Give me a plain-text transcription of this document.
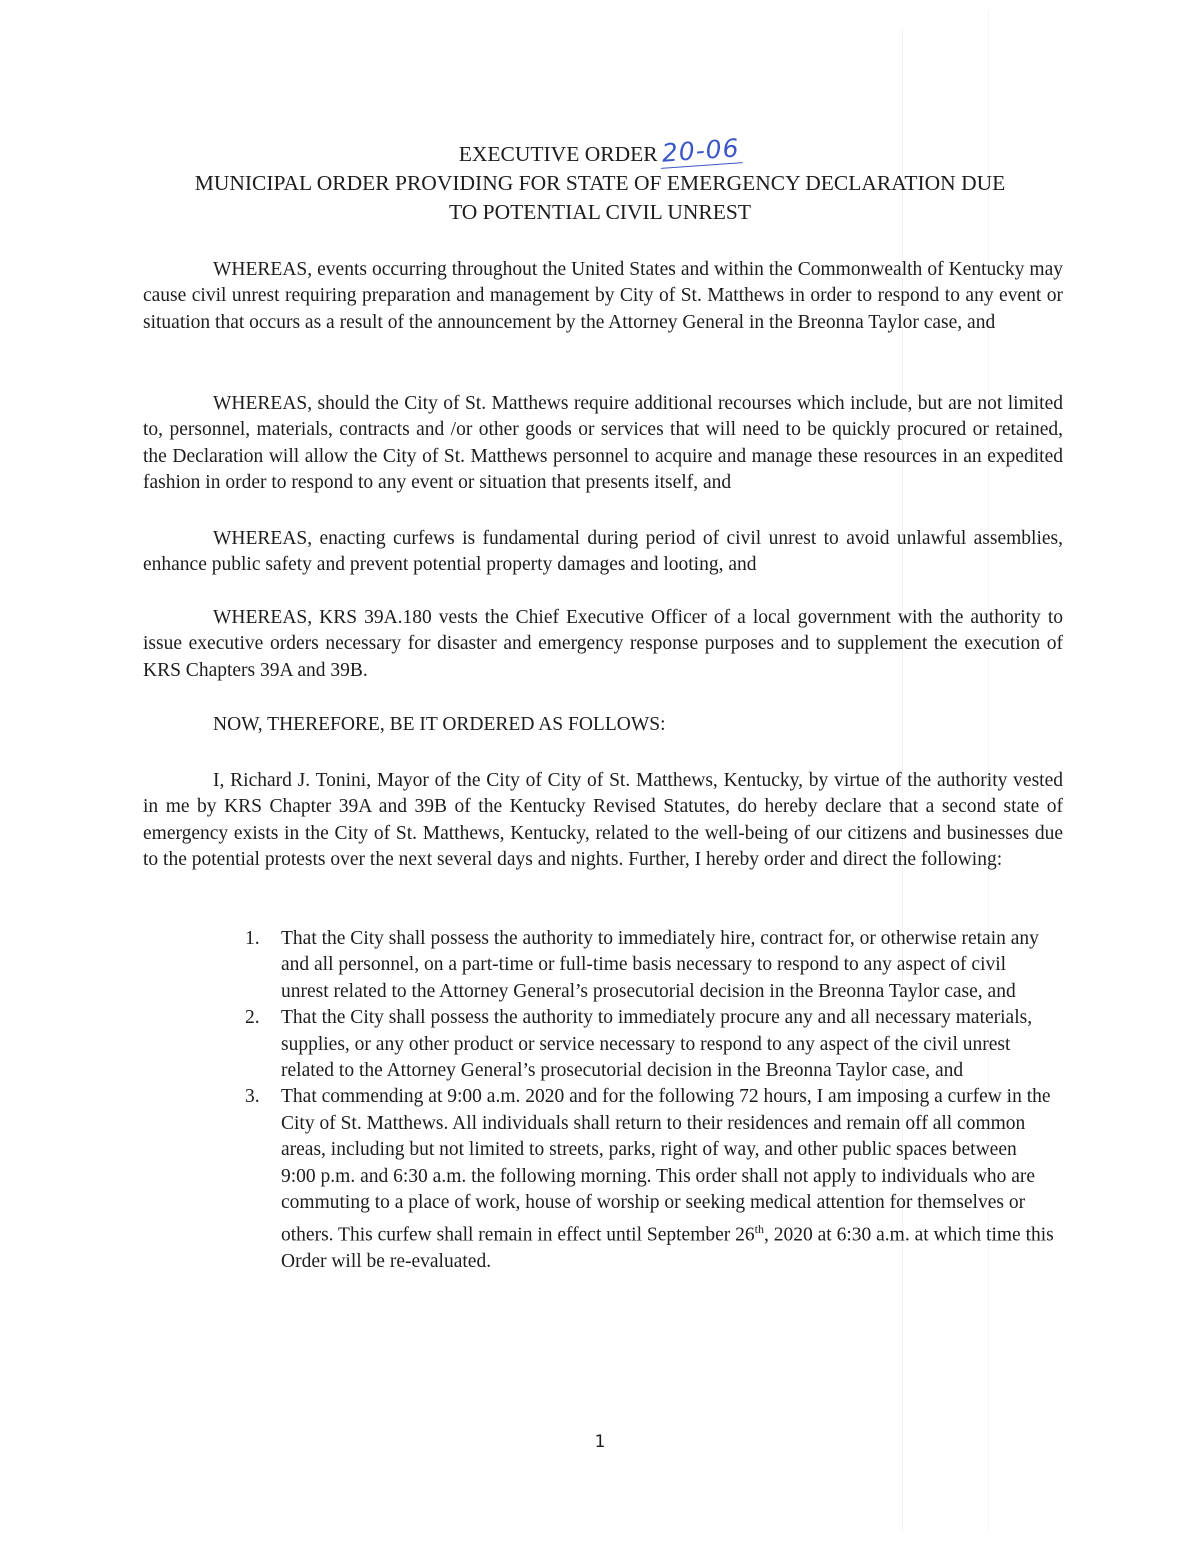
EXECUTIVE ORDER 20-06
MUNICIPAL ORDER PROVIDING FOR STATE OF EMERGENCY DECLARATION DUE
TO POTENTIAL CIVIL UNREST

WHEREAS, events occurring throughout the United States and within the Commonwealth of Kentucky may cause civil unrest requiring preparation and management by City of St. Matthews in order to respond to any event or situation that occurs as a result of the announcement by the Attorney General in the Breonna Taylor case, and

WHEREAS, should the City of St. Matthews require additional recourses which include, but are not limited to, personnel, materials, contracts and /or other goods or services that will need to be quickly procured or retained, the Declaration will allow the City of St. Matthews personnel to acquire and manage these resources in an expedited fashion in order to respond to any event or situation that presents itself, and

WHEREAS, enacting curfews is fundamental during period of civil unrest to avoid unlawful assemblies, enhance public safety and prevent potential property damages and looting, and

WHEREAS, KRS 39A.180 vests the Chief Executive Officer of a local government with the authority to issue executive orders necessary for disaster and emergency response purposes and to supplement the execution of KRS Chapters 39A and 39B.

NOW, THEREFORE, BE IT ORDERED AS FOLLOWS:

I, Richard J. Tonini, Mayor of the City of City of St. Matthews, Kentucky, by virtue of the authority vested in me by KRS Chapter 39A and 39B of the Kentucky Revised Statutes, do hereby declare that a second state of emergency exists in the City of St. Matthews, Kentucky, related to the well-being of our citizens and businesses due to the potential protests over the next several days and nights. Further, I hereby order and direct the following:

1. That the City shall possess the authority to immediately hire, contract for, or otherwise retain any and all personnel, on a part-time or full-time basis necessary to respond to any aspect of civil unrest related to the Attorney General’s prosecutorial decision in the Breonna Taylor case, and
2. That the City shall possess the authority to immediately procure any and all necessary materials, supplies, or any other product or service necessary to respond to any aspect of the civil unrest related to the Attorney General’s prosecutorial decision in the Breonna Taylor case, and
3. That commending at 9:00 a.m. 2020 and for the following 72 hours, I am imposing a curfew in the City of St. Matthews. All individuals shall return to their residences and remain off all common areas, including but not limited to streets, parks, right of way, and other public spaces between 9:00 p.m. and 6:30 a.m. the following morning. This order shall not apply to individuals who are commuting to a place of work, house of worship or seeking medical attention for themselves or others. This curfew shall remain in effect until September 26th, 2020 at 6:30 a.m. at which time this Order will be re-evaluated.
1
